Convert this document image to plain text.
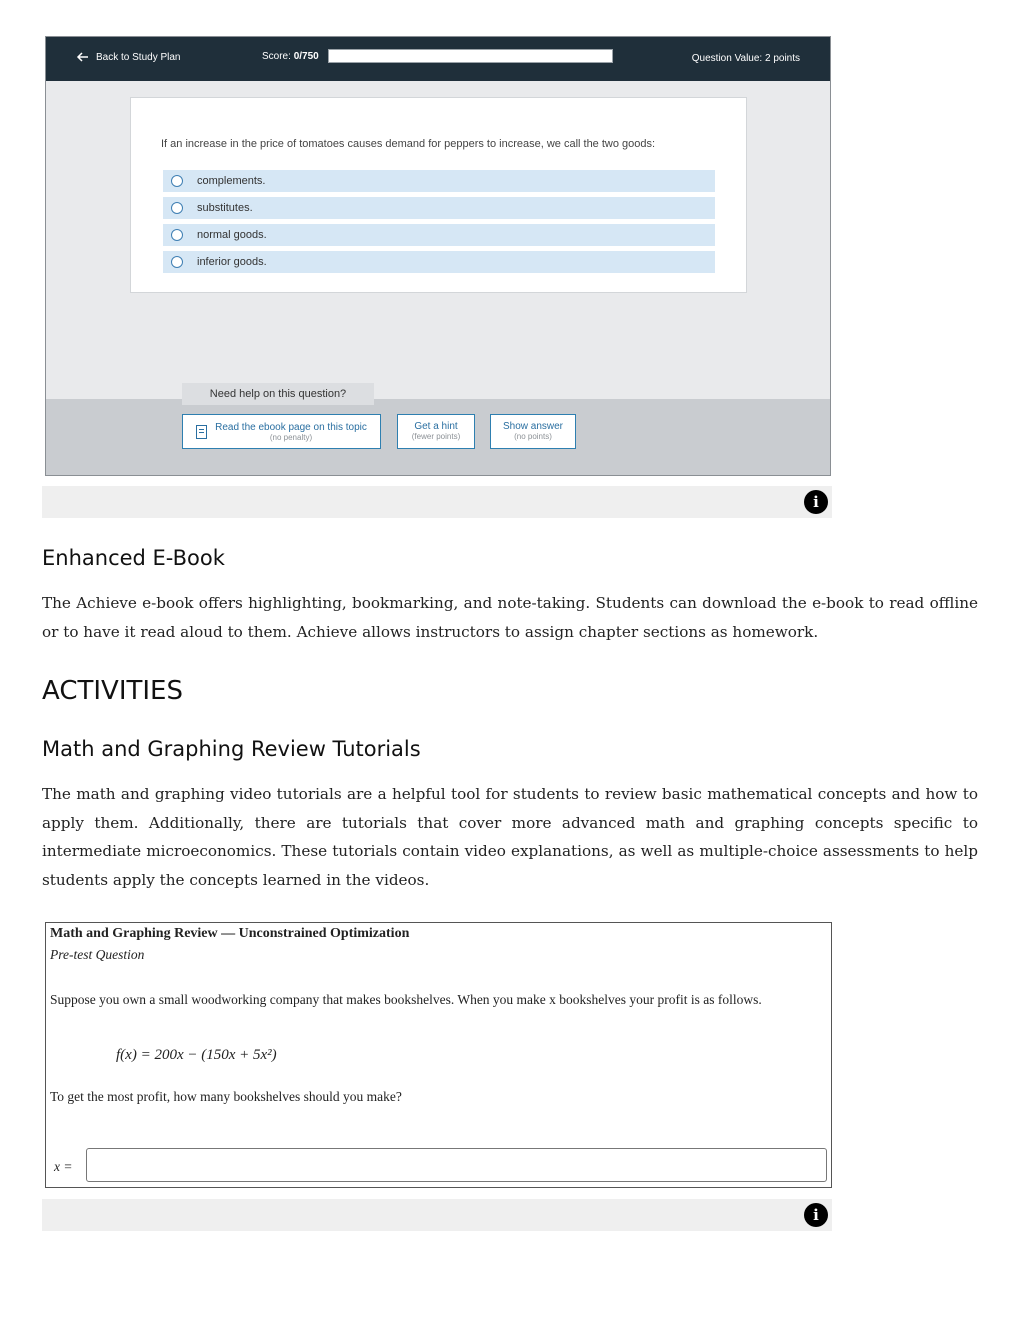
Back to Study Plan	Score: 0/750	Question Value: 2 points
If an increase in the price of tomatoes causes demand for peppers to increase, we call the two goods:
complements.
substitutes.
normal goods.
inferior goods.
Need help on this question?
Read the ebook page on this topic
(no penalty)
Get a hint
(fewer points)
Show answer
(no points)
i
Enhanced E-Book

The Achieve e-book offers highlighting, bookmarking, and note-taking. Students can download the e-book to read offline or to have it read aloud to them. Achieve allows instructors to assign chapter sections as homework.

ACTIVITIES
Math and Graphing Review Tutorials

The math and graphing video tutorials are a helpful tool for students to review basic mathematical concepts and how to apply them. Additionally, there are tutorials that cover more advanced math and graphing concepts specific to intermediate microeconomics. These tutorials contain video explanations, as well as multiple-choice assessments to help students apply the concepts learned in the videos.

Math and Graphing Review — Unconstrained Optimization
Pre-test Question
Suppose you own a small woodworking company that makes bookshelves. When you make x bookshelves your profit is as follows.
f(x) = 200x − (150x + 5x²)
To get the most profit, how many bookshelves should you make?
x =
i
